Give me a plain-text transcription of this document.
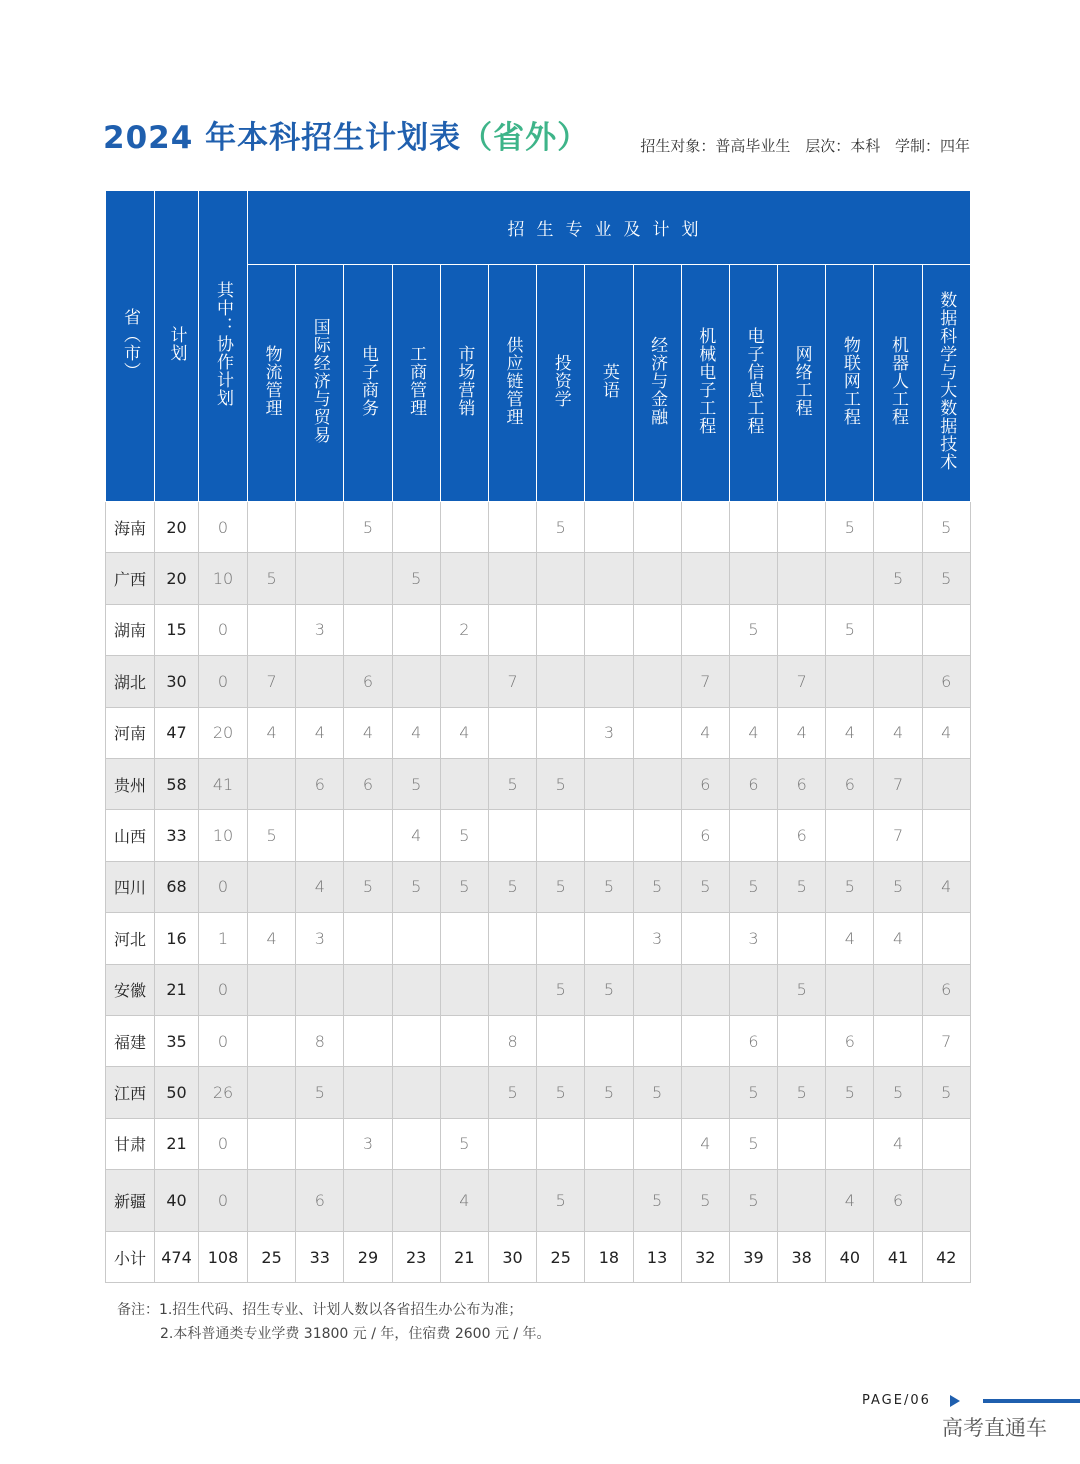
2024 年本科招生计划表（省外）	招生对象：普高毕业生 层次：本科 学制：四年
省（市）	计划	其中：协作计划	招生专业及计划														
			物流管理	国际经济与贸易	电子商务	工商管理	市场营销	供应链管理	投资学	英语	经济与金融	机械电子工程	电子信息工程	网络工程	物联网工程	机器人工程	数据科学与大数据技术
海南	20	0			5				5						5		5
广西	20	10	5			5										5	5
湖南	15	0		3			2						5		5		
湖北	30	0	7		6			7				7		7			6
河南	47	20	4	4	4	4	4			3		4	4	4	4	4	4
贵州	58	41		6	6	5		5	5			6	6	6	6	7	
山西	33	10	5			4	5					6		6		7	
四川	68	0		4	5	5	5	5	5	5	5	5	5	5	5	5	4
河北	16	1	4	3							3		3		4	4	
安徽	21	0							5	5				5			6
福建	35	0		8				8					6		6		7
江西	50	26		5				5	5	5	5		5	5	5	5	5
甘肃	21	0			3		5					4	5			4	
新疆	40	0		6			4		5		5	5	5		4	6	
小计	474	108	25	33	29	23	21	30	25	18	13	32	39	38	40	41	42
备注：1.招生代码、招生专业、计划人数以各省招生办公布为准；
2.本科普通类专业学费 31800 元 / 年，住宿费 2600 元 / 年。
PAGE/06
高考直通车
